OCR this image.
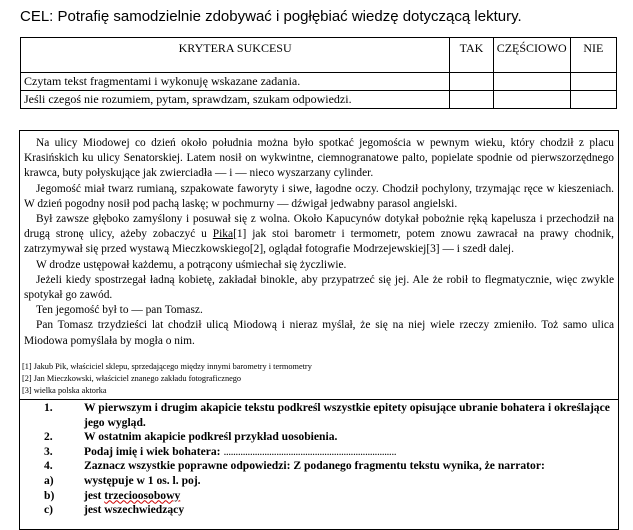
CEL: Potrafię samodzielnie zdobywać i pogłębiać wiedzę dotyczącą lektury.
KRYTERA SUKCESU	TAK	CZĘŚCIOWO	NIE
Czytam tekst fragmentami i wykonuję wskazane zadania.			
Jeśli czegoś nie rozumiem, pytam, sprawdzam, szukam odpowiedzi.			

Na ulicy Miodowej co dzień około południa można było spotkać jegomościa w pewnym wieku, który chodził z placu Krasińskich ku ulicy Senatorskiej. Latem nosił on wykwintne, ciemnogranatowe palto, popielate spodnie od pierwszorzędnego krawca, buty połyskujące jak zwierciadła — i — nieco wyszarzany cylinder.

Jegomość miał twarz rumianą, szpakowate faworyty i siwe, łagodne oczy. Chodził pochylony, trzymając ręce w kieszeniach. W dzień pogodny nosił pod pachą laskę; w pochmurny — dźwigał jedwabny parasol angielski.

Był zawsze głęboko zamyślony i posuwał się z wolna. Około Kapucynów dotykał pobożnie ręką kapelusza i przechodził na drugą stronę ulicy, ażeby zobaczyć u Pika[1] jak stoi barometr i termometr, potem znowu zawracał na prawy chodnik, zatrzymywał się przed wystawą Mieczkowskiego[2], oglądał fotografie Modrzejewskiej[3] — i szedł dalej.

W drodze ustępował każdemu, a potrącony uśmiechał się życzliwie.

Jeżeli kiedy spostrzegał ładną kobietę, zakładał binokle, aby przypatrzeć się jej. Ale że robił to flegmatycznie, więc zwykle spotykał go zawód.

Ten jegomość był to — pan Tomasz.

Pan Tomasz trzydzieści lat chodził ulicą Miodową i nieraz myślał, że się na niej wiele rzeczy zmieniło. Toż samo ulica Miodowa pomyślała by mogła o nim.

[1] Jakub Pik, właściciel sklepu, sprzedającego między innymi barometry i termometry
[2] Jan Mieczkowski, właściciel znanego zakładu fotograficznego
[3] wielka polska aktorka
1.	W pierwszym i drugim akapicie tekstu podkreśl wszystkie epitety opisujące ubranie bohatera i określające jego wygląd.
2.	W ostatnim akapicie podkreśl przykład uosobienia.
3.	Podaj imię i wiek bohatera: ........................................................................
4.	Zaznacz wszystkie poprawne odpowiedzi: Z podanego fragmentu tekstu wynika, że narrator:
a)	występuje w 1 os. l. poj.
b)	jest trzecioosobowy
c)	jest wszechwiedzący
